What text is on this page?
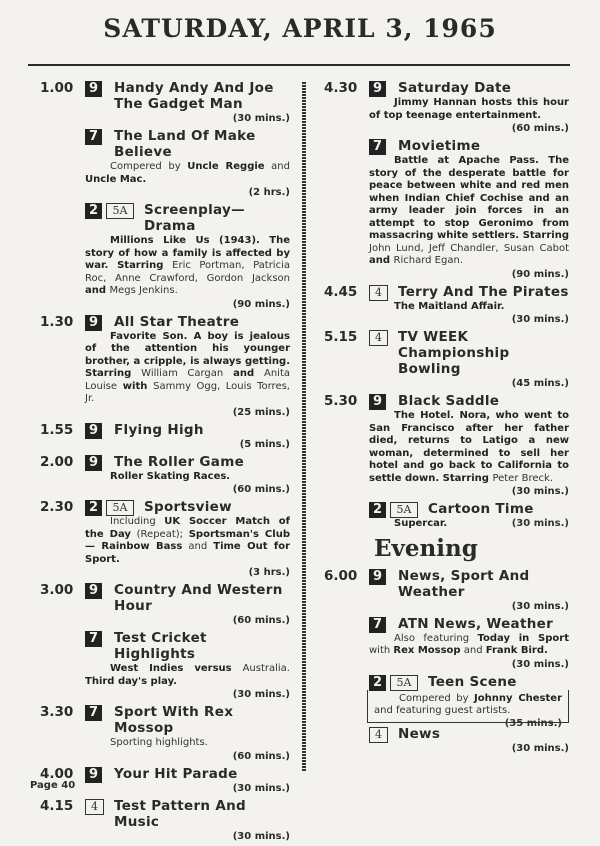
SATURDAY, APRIL 3, 1965
1.00	9	Handy Andy And Joe The Gadget Man
(30 mins.)
7	The Land Of Make Believe
Compered by Uncle Reggie and Uncle Mac.
(2 hrs.)
2	5A	Screenplay— Drama
Millions Like Us (1943). The story of how a family is affected by war. Starring Eric Portman, Patricia Roc, Anne Crawford, Gordon Jackson and Megs Jenkins.
(90 mins.)
1.30	9	All Star Theatre
Favorite Son. A boy is jealous of the attention his younger brother, a cripple, is always getting. Starring William Cargan and Anita Louise with Sammy Ogg, Louis Torres, Jr.
(25 mins.)
1.55	9	Flying High
(5 mins.)
2.00	9	The Roller Game
Roller Skating Races.
(60 mins.)
2.30	2	5A	Sportsview
Including UK Soccer Match of the Day (Repeat); Sportsman's Club — Rainbow Bass and Time Out for Sport.
(3 hrs.)
3.00	9	Country And Western Hour
(60 mins.)
7	Test Cricket Highlights
West Indies versus Australia. Third day's play.
(30 mins.)
3.30	7	Sport With Rex Mossop
Sporting highlights.
(60 mins.)
4.00	9	Your Hit Parade
(30 mins.)
4.15	4	Test Pattern And Music
(30 mins.)
4.30	9	Saturday Date
Jimmy Hannan hosts this hour of top teenage entertainment.
(60 mins.)
7	Movietime
Battle at Apache Pass. The story of the desperate battle for peace between white and red men when Indian Chief Cochise and an army leader join forces in an attempt to stop Geronimo from massacring white settlers. Starring John Lund, Jeff Chandler, Susan Cabot and Richard Egan.
(90 mins.)
4.45	4	Terry And The Pirates
The Maitland Affair.
(30 mins.)
5.15	4	TV WEEK Championship Bowling
(45 mins.)
5.30	9	Black Saddle
The Hotel. Nora, who went to San Francisco after her father died, returns to Latigo a new woman, determined to sell her hotel and go back to California to settle down. Starring Peter Breck.
(30 mins.)
2	5A	Cartoon Time
Supercar.	(30 mins.)
Evening
6.00	9	News, Sport And Weather
(30 mins.)
7	ATN News, Weather
Also featuring Today in Sport with Rex Mossop and Frank Bird.
(30 mins.)
2	5A	Teen Scene
Compered by Johnny Chester and featuring guest artists.
(35 mins.)
4	News
(30 mins.)
Page 40
